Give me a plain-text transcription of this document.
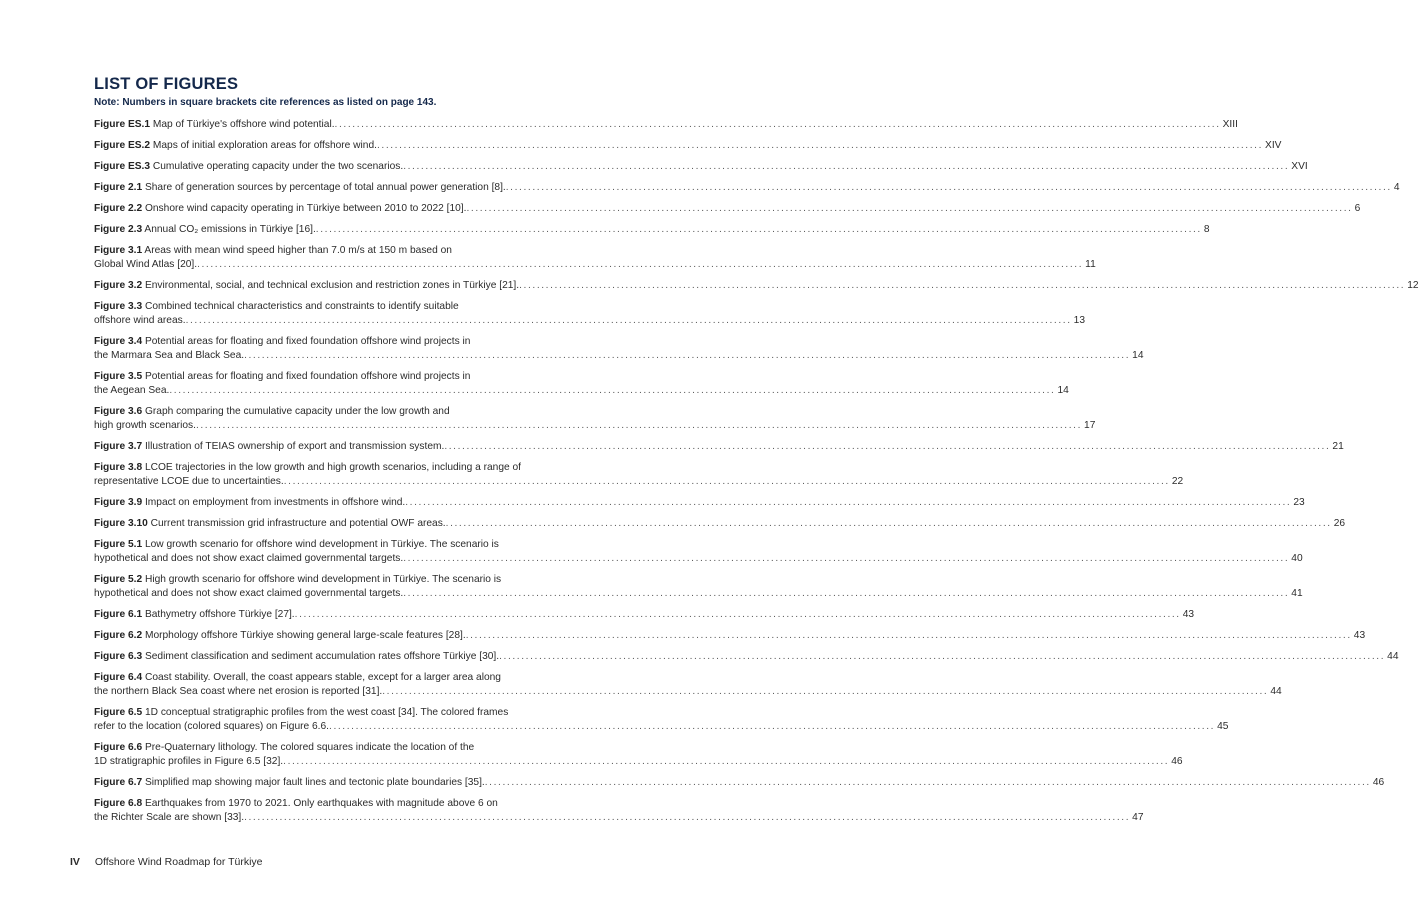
LIST OF FIGURES
Note: Numbers in square brackets cite references as listed on page 143.
Figure ES.1 Map of Türkiye's offshore wind potential. .....	XIII
Figure ES.2 Maps of initial exploration areas for offshore wind. .....	XIV
Figure ES.3 Cumulative operating capacity under the two scenarios. .....	XVI
Figure 2.1 Share of generation sources by percentage of total annual power generation [8]. .....	4
Figure 2.2 Onshore wind capacity operating in Türkiye between 2010 to 2022 [10]. .....	6
Figure 2.3 Annual CO₂ emissions in Türkiye [16]. .....	8
Figure 3.1 Areas with mean wind speed higher than 7.0 m/s at 150 m based on
Global Wind Atlas [20]. .....	11
Figure 3.2 Environmental, social, and technical exclusion and restriction zones in Türkiye [21]. .....	12
Figure 3.3 Combined technical characteristics and constraints to identify suitable
offshore wind areas. .....	13
Figure 3.4 Potential areas for floating and fixed foundation offshore wind projects in
the Marmara Sea and Black Sea. .....	14
Figure 3.5 Potential areas for floating and fixed foundation offshore wind projects in
the Aegean Sea. .....	14
Figure 3.6 Graph comparing the cumulative capacity under the low growth and
high growth scenarios. .....	17
Figure 3.7 Illustration of TEIAS ownership of export and transmission system. .....	21
Figure 3.8 LCOE trajectories in the low growth and high growth scenarios, including a range of
representative LCOE due to uncertainties. .....	22
Figure 3.9 Impact on employment from investments in offshore wind. .....	23
Figure 3.10 Current transmission grid infrastructure and potential OWF areas. .....	26
Figure 5.1 Low growth scenario for offshore wind development in Türkiye. The scenario is
hypothetical and does not show exact claimed governmental targets. .....	40
Figure 5.2 High growth scenario for offshore wind development in Türkiye. The scenario is
hypothetical and does not show exact claimed governmental targets. .....	41
Figure 6.1 Bathymetry offshore Türkiye [27]. .....	43
Figure 6.2 Morphology offshore Türkiye showing general large-scale features [28]. .....	43
Figure 6.3 Sediment classification and sediment accumulation rates offshore Türkiye [30]. .....	44
Figure 6.4 Coast stability. Overall, the coast appears stable, except for a larger area along
the northern Black Sea coast where net erosion is reported [31]. .....	44
Figure 6.5 1D conceptual stratigraphic profiles from the west coast [34]. The colored frames
refer to the location (colored squares) on Figure 6.6. .....	45
Figure 6.6 Pre-Quaternary lithology. The colored squares indicate the location of the
1D stratigraphic profiles in Figure 6.5 [32]. .....	46
Figure 6.7 Simplified map showing major fault lines and tectonic plate boundaries [35]. .....	46
Figure 6.8 Earthquakes from 1970 to 2021. Only earthquakes with magnitude above 6 on
the Richter Scale are shown [33]. .....	47
IV Offshore Wind Roadmap for Türkiye
